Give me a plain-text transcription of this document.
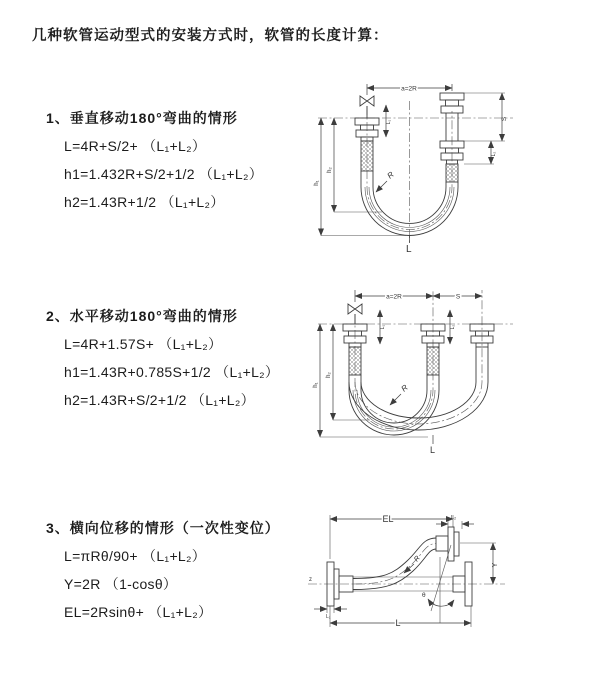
几种软管运动型式的安装方式时，软管的长度计算：
1、垂直移动180°弯曲的情形
L=4R+S/2+ （L₁+L₂）
h1=1.432R+S/2+1/2 （L₁+L₂）
h2=1.43R+1/2 （L₁+L₂）
2、水平移动180°弯曲的情形
L=4R+1.57S+ （L₁+L₂）
h1=1.43R+0.785S+1/2 （L₁+L₂）
h2=1.43R+S/2+1/2 （L₁+L₂）
3、横向位移的情形（一次性变位）
L=πRθ/90+ （L₁+L₂）
Y=2R （1-cosθ）
EL=2Rsinθ+ （L₁+L₂）
a=2R
R
L
h₂
h₁
L₁
S
L₂
a=2R	S
R
L₁	L₂
h₂
h₁
L
z
EL	L₂
R
θ
Y
L
L₁
